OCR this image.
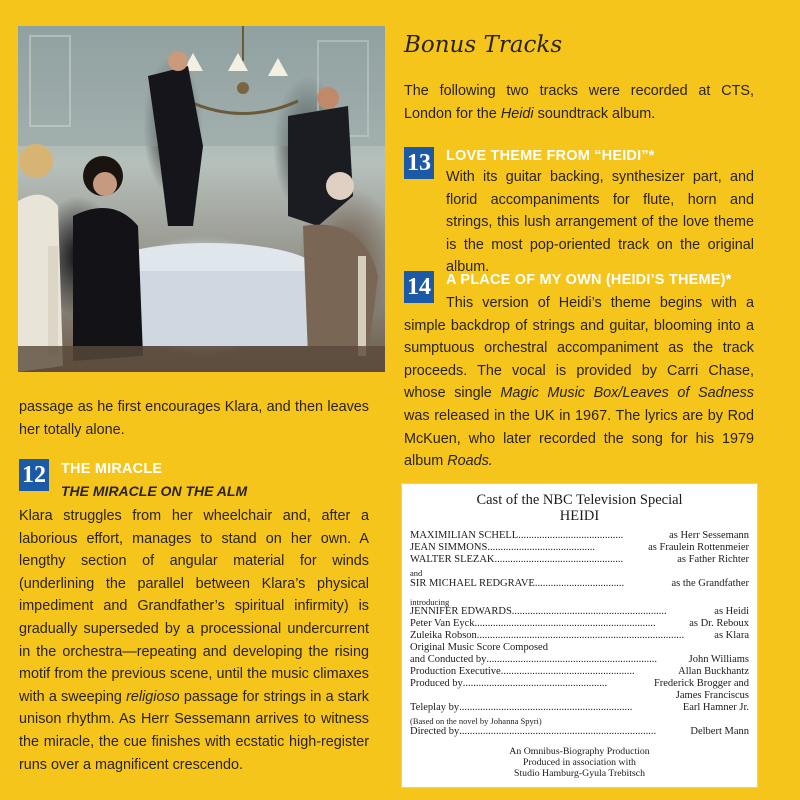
passage as he first encourages Klara, and then leaves her totally alone.
12 THE MIRACLE
THE MIRACLE ON THE ALM
Klara struggles from her wheelchair and, after a laborious effort, manages to stand on her own. A lengthy section of angular material for winds (underlining the parallel between Klara’s physical impediment and Grandfather’s spiritual infirmity) is gradually superseded by a processional undercurrent in the orchestra—repeating and developing the rising motif from the previous scene, until the music climaxes with a sweeping religioso passage for strings in a stark unison rhythm. As Herr Sessemann arrives to witness the miracle, the cue finishes with ecstatic high-register runs over a magnificent crescendo.
Bonus Tracks
The following two tracks were recorded at CTS, London for the Heidi soundtrack album.
13 LOVE THEME FROM “HEIDI”*
With its guitar backing, synthesizer part, and florid accompaniments for flute, horn and strings, this lush arrangement of the love theme is the most pop-oriented track on the original album.
14 A PLACE OF MY OWN (HEIDI’S THEME)*
This version of Heidi’s theme begins with a simple backdrop of strings and guitar, blooming into a sumptuous orchestral accompaniment as the track proceeds. The vocal is provided by Carri Chase, whose single Magic Music Box/Leaves of Sadness was released in the UK in 1967. The lyrics are by Rod McKuen, who later recorded the song for his 1979 album Roads.
Cast of the NBC Television Special
HEIDI
MAXIMILIAN SCHELL ........................................	as Herr Sessemann
JEAN SIMMONS .........................................	as Fraulein Rottenmeier
WALTER SLEZAK .................................................	as Father Richter
and
SIR MICHAEL REDGRAVE ..................................	as the Grandfather
introducing
JENNIFER EDWARDS ...........................................................	as Heidi
Peter Van Eyck .....................................................................	as Dr. Reboux
Zuleika Robson ...............................................................................	as Klara
Original Music Score Composed
and Conducted by .................................................................	John Williams
Production Executive ...................................................	Allan Buckhantz
Produced by .......................................................	Frederick Brogger and
James Franciscus
Teleplay by ..................................................................	Earl Hamner Jr.
(Based on the novel by Johanna Spyri)
Directed by ...........................................................................	Delbert Mann
An Omnibus-Biography Production
Produced in association with
Studio Hamburg-Gyula Trebitsch
